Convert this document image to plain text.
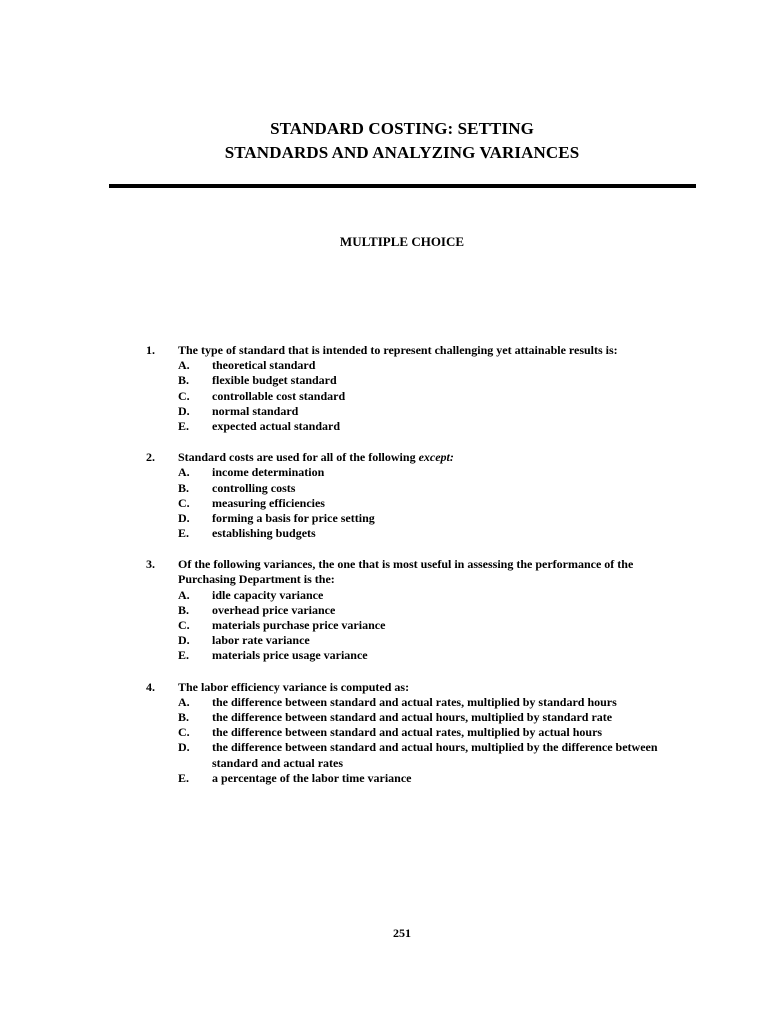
STANDARD COSTING: SETTING
STANDARDS AND ANALYZING VARIANCES
MULTIPLE CHOICE
1. The type of standard that is intended to represent challenging yet attainable results is:
A. theoretical standard
B. flexible budget standard
C. controllable cost standard
D. normal standard
E. expected actual standard
2. Standard costs are used for all of the following except:
A. income determination
B. controlling costs
C. measuring efficiencies
D. forming a basis for price setting
E. establishing budgets
3. Of the following variances, the one that is most useful in assessing the performance of the
Purchasing Department is the:
A. idle capacity variance
B. overhead price variance
C. materials purchase price variance
D. labor rate variance
E. materials price usage variance
4. The labor efficiency variance is computed as:
A. the difference between standard and actual rates, multiplied by standard hours
B. the difference between standard and actual hours, multiplied by standard rate
C. the difference between standard and actual rates, multiplied by actual hours
D. the difference between standard and actual hours, multiplied by the difference between
standard and actual rates
E. a percentage of the labor time variance
251
